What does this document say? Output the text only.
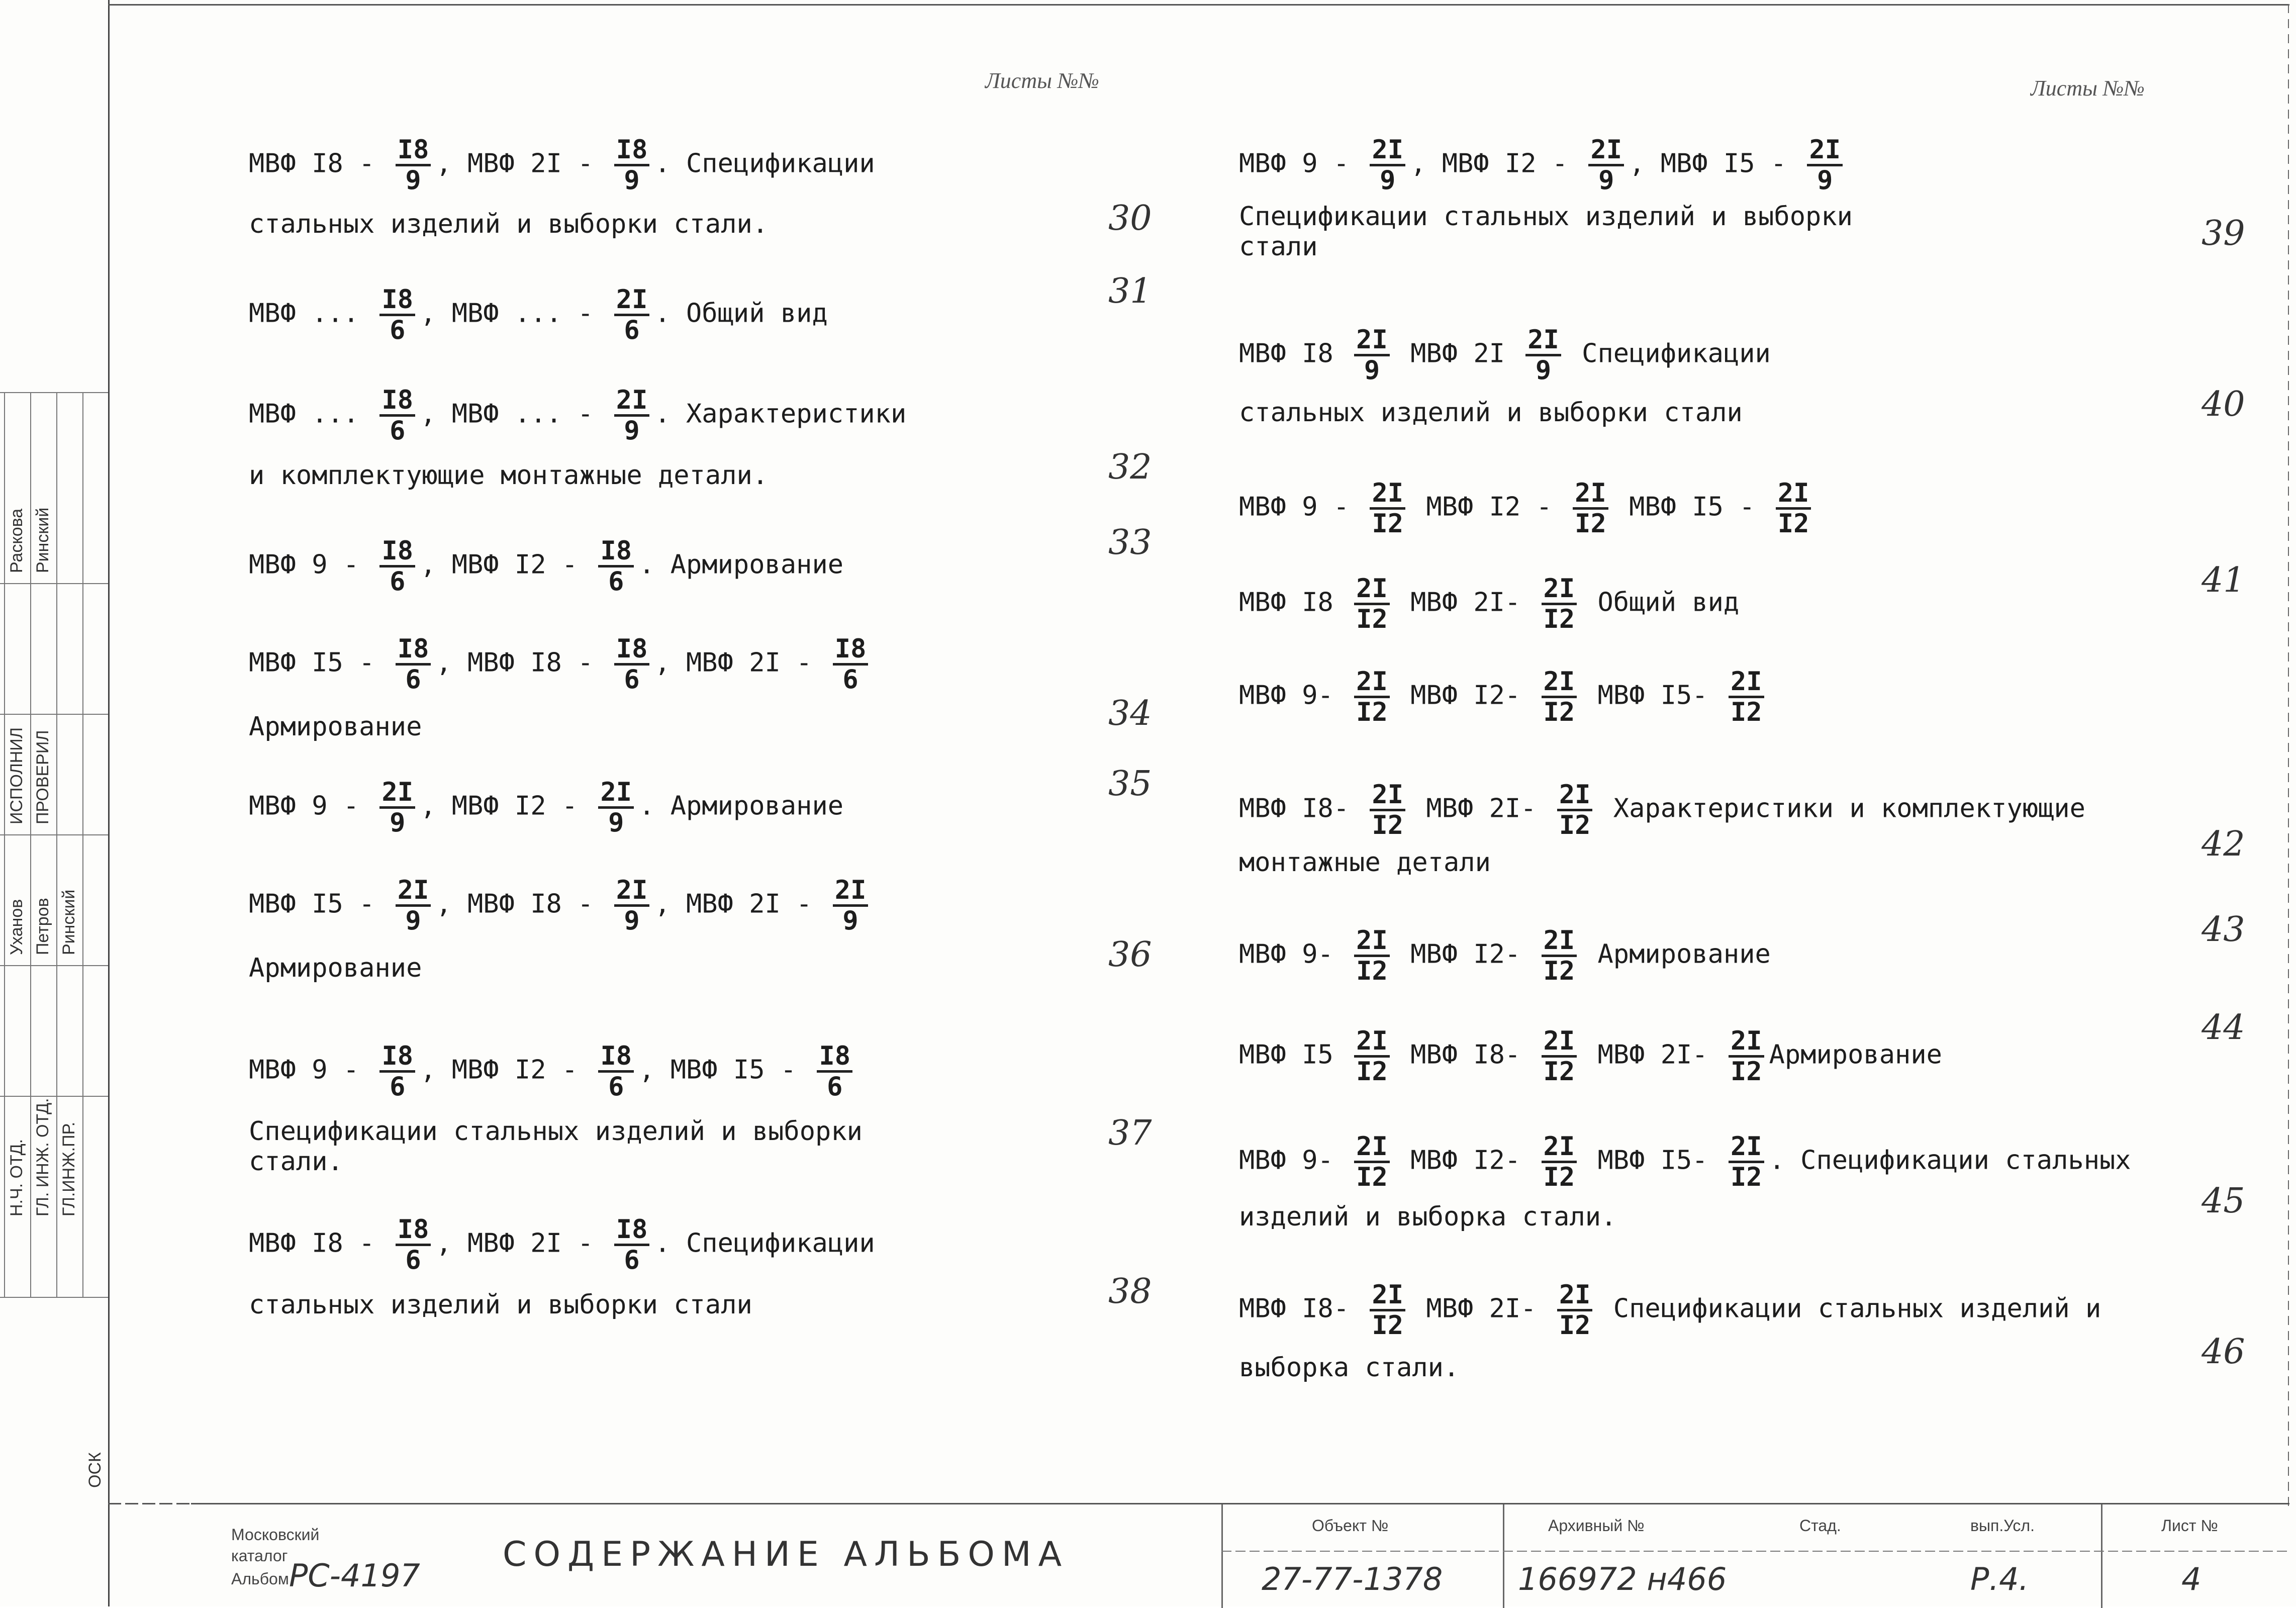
Уханов Петров Ринский
ИСПОЛНИЛ ПРОВЕРИЛ
Раскова Ринский
Н.Ч. ОТД. ГЛ. ИНЖ. ОТД. ГЛ.ИНЖ.ПР.
ОСК
Листы №№	Листы №№
МВФ $I8 - \frac{I8}{9}$ , МВФ $2I - \frac{I8}{9}$ . Спецификации
стальных изделий и выборки стали.	30
МВФ ... $\frac{I8}{6}$ , МВФ ... - $\frac{2I}{6}$ . Общий вид
31
МВФ ... $\frac{I8}{6}$ , МВФ ... - $\frac{2I}{9}$ . Характеристики
и комплектующие монтажные детали.	32
МВФ $9 - \frac{I8}{6}$ , МВФ $I2 - \frac{I8}{6}$ . Армирование
33
МВФ $I5 - \frac{I8}{6}$ , МВФ $I8 - \frac{I8}{6}$ , МВФ $2I - \frac{I8}{6}$
Армирование	34
МВФ $9 - \frac{2I}{9}$ , МВФ $I2 - \frac{2I}{9}$ . Армирование
35
МВФ $I5 - \frac{2I}{9}$ , МВФ $I8 - \frac{2I}{9}$ , МВФ $2I - \frac{2I}{9}$
Армирование	36
МВФ $9 - \frac{I8}{6}$ , МВФ $I2 - \frac{I8}{6}$ , МВФ $I5 - \frac{I8}{6}$
Спецификации стальных изделий и выборки	37
стали.
МВФ $I8 - \frac{I8}{6}$ , МВФ $2I - \frac{I8}{6}$ . Спецификации
стальных изделий и выборки стали	38
МВФ $9 - \frac{2I}{9}$ , МВФ $I2 - \frac{2I}{9}$ , МВФ $I5 - \frac{2I}{9}$
Спецификации стальных изделий и выборки	39
стали
МВФ $I8 \frac{2I}{9}$ МВФ $2I \frac{2I}{9}$ Спецификации
стальных изделий и выборки стали	40
МВФ $9 - \frac{2I}{I2}$ МВФ $I2 - \frac{2I}{I2}$ МВФ $I5 - \frac{2I}{I2}$
МВФ $I8 \frac{2I}{I2}$ МВФ $2I- \frac{2I}{I2}$ Общий вид
41
МВФ $9- \frac{2I}{I2}$ МВФ $I2- \frac{2I}{I2}$ МВФ $I5- \frac{2I}{I2}$
МВФ $I8- \frac{2I}{I2}$ МВФ $2I- \frac{2I}{I2}$ Характеристики и комплектующие
монтажные детали	42
МВФ $9- \frac{2I}{I2}$ МВФ $I2- \frac{2I}{I2}$ Армирование
43
МВФ $I5 \frac{2I}{I2}$ МВФ $I8- \frac{2I}{I2}$ МВФ $2I- \frac{2I}{I2}$ Армирование
44
МВФ $9- \frac{2I}{I2}$ МВФ $I2- \frac{2I}{I2}$ МВФ $I5- \frac{2I}{I2}$ . Спецификации стальных
изделий и выборка стали.	45
МВФ $I8- \frac{2I}{I2}$ МВФ $2I- \frac{2I}{I2}$ Спецификации стальных изделий и
выборка стали.	46
Московский
каталог
Альбом РС-4197
СОДЕРЖАНИЕ АЛЬБОМА
Объект №
27-77-1378
Архивный №
166972 н466
Стад.	вып.Усл.
Р.4.
Лист №
4
